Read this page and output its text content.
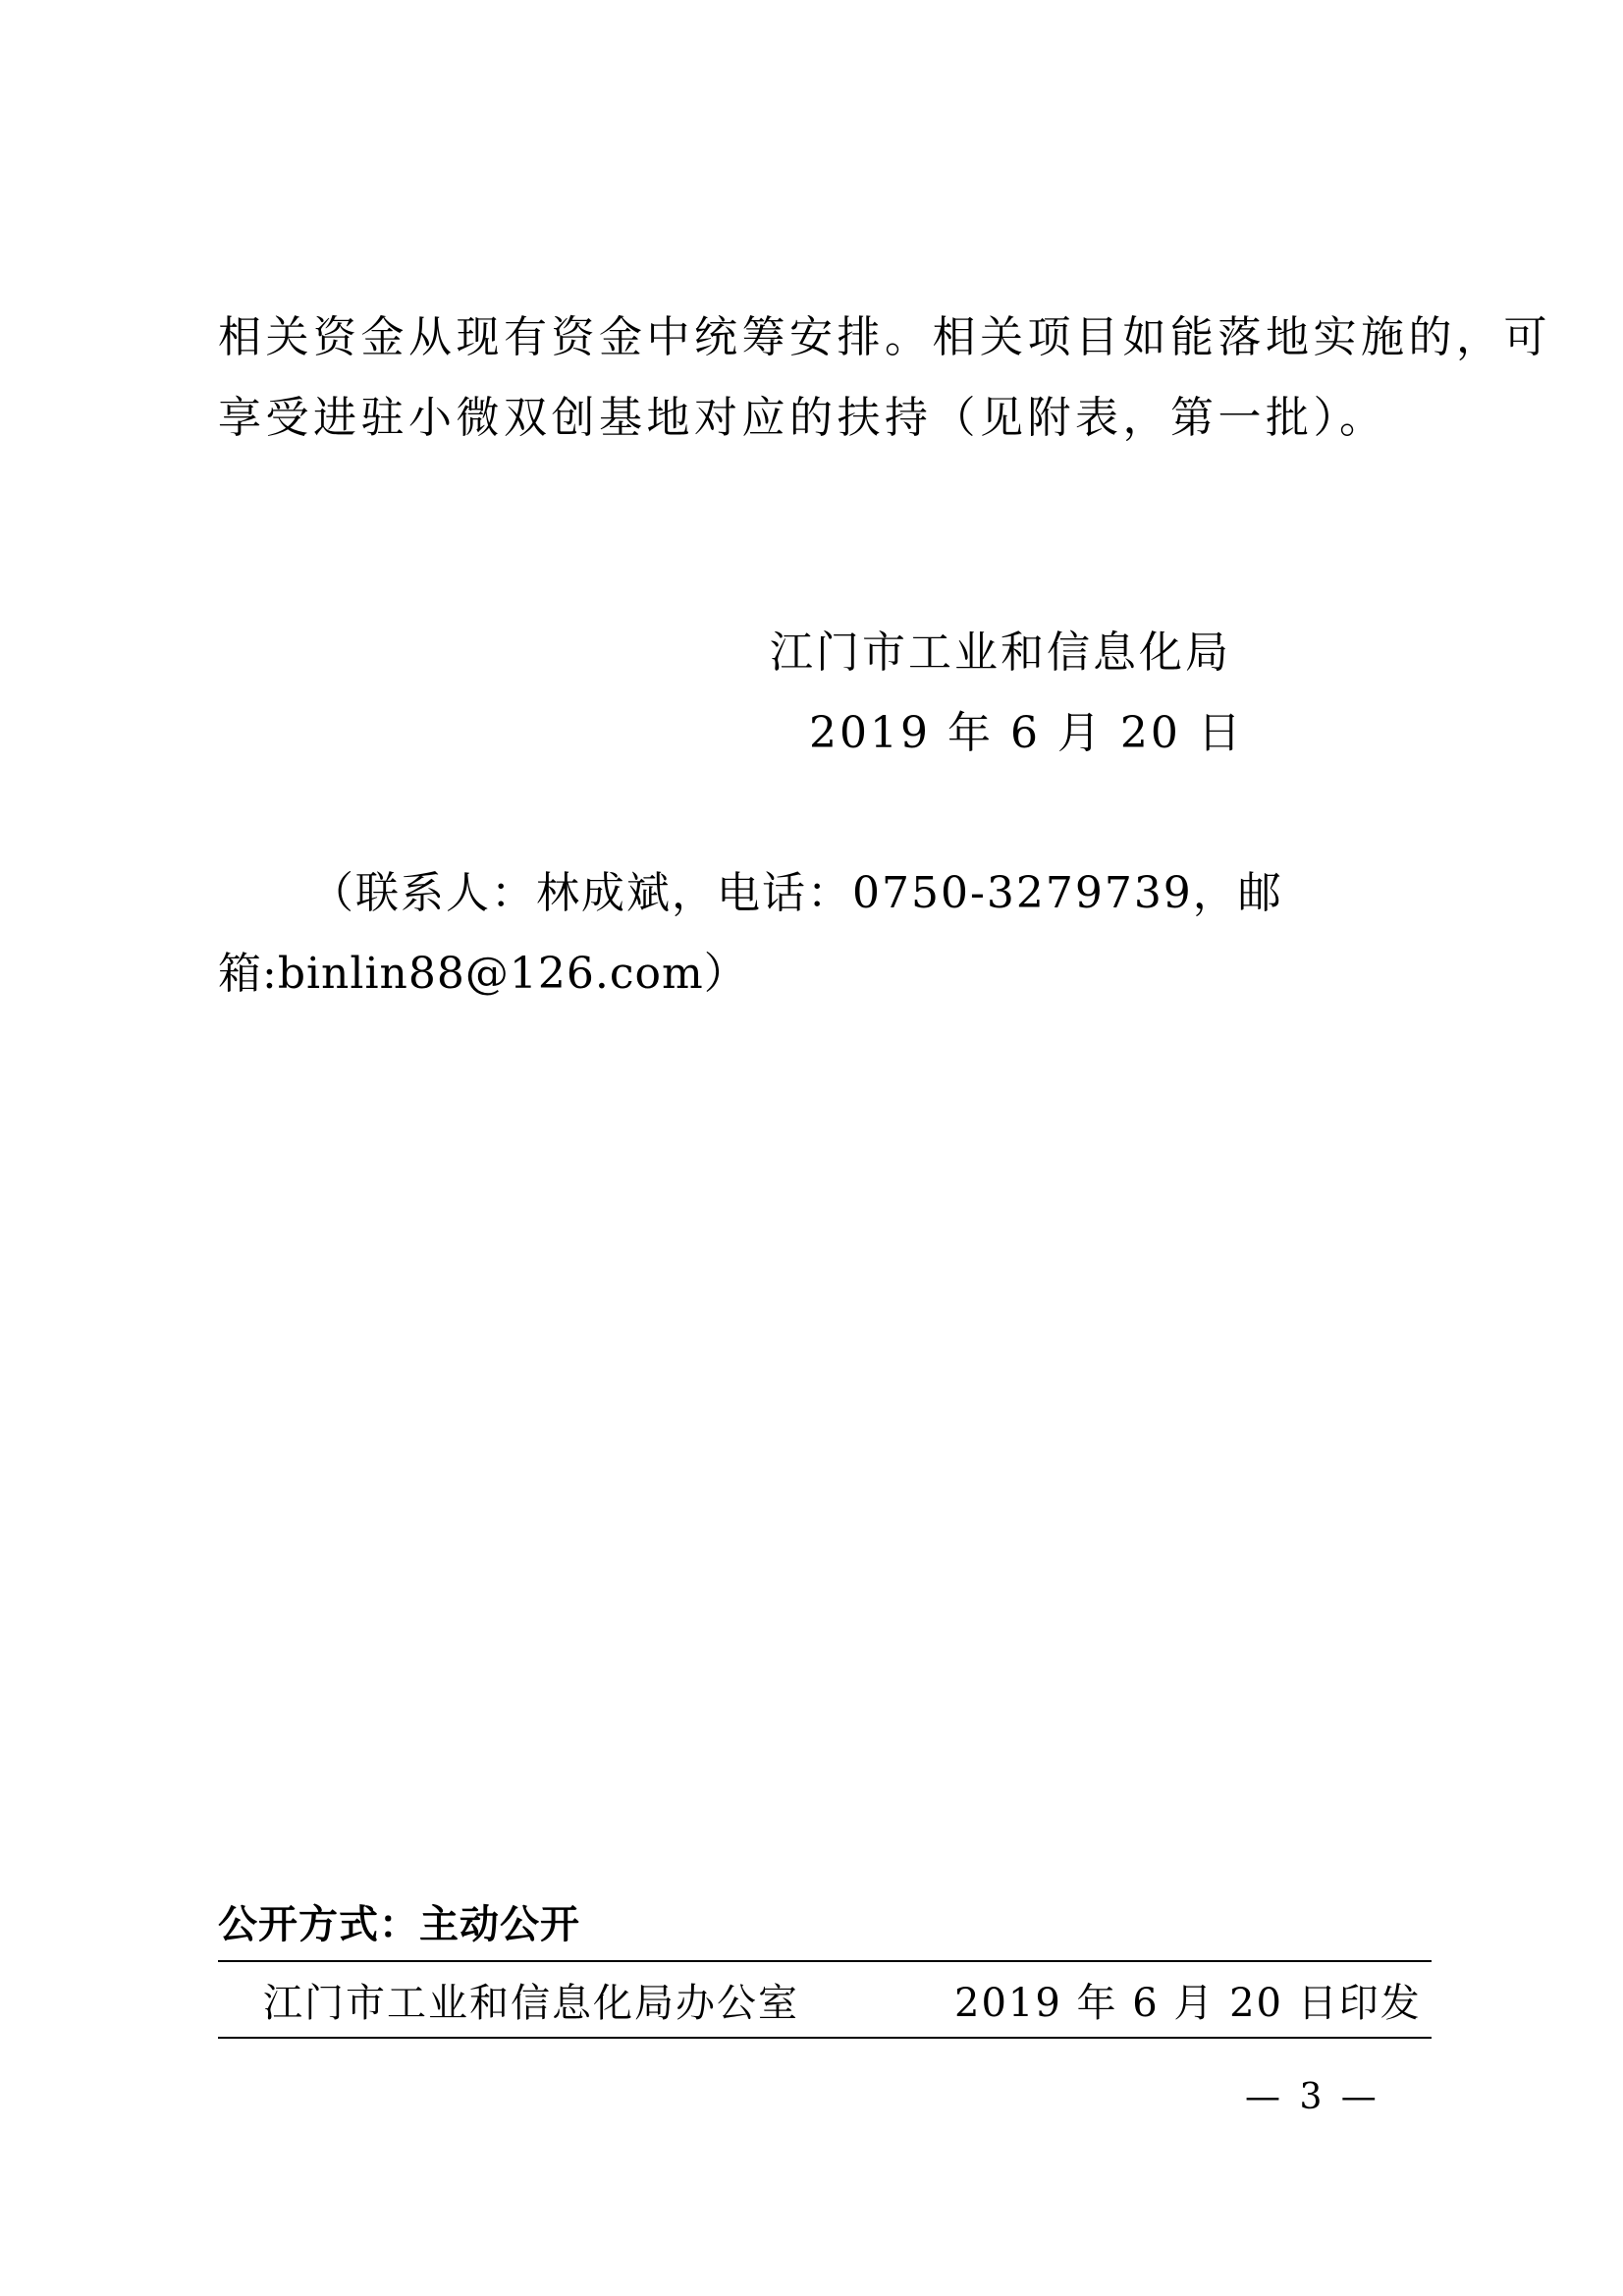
相关资金从现有资金中统筹安排。相关项目如能落地实施的，可
享受进驻小微双创基地对应的扶持（见附表，第一批）。
江门市工业和信息化局
2019 年 6 月 20 日
（联系人：林成斌，电话：0750-3279739，邮
箱:binlin88@126.com）
公开方式：主动公开
江门市工业和信息化局办公室	2019 年 6 月 20 日印发
— 3 —
